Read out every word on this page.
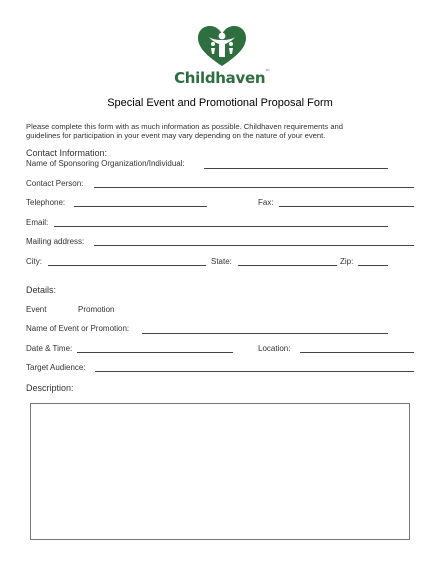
Childhaven™
Special Event and Promotional Proposal Form
Please complete this form with as much information as possible. Childhaven requirements and guidelines for participation in your event may vary depending on the nature of your event.
Contact Information:
Name of Sponsoring Organization/Individual:
Contact Person:
Telephone:	Fax:
Email:
Mailing address:
City:	State:	Zip:
Details:
Event	Promotion
Name of Event or Promotion:
Date & Time:	Location:
Target Audience:
Description:
